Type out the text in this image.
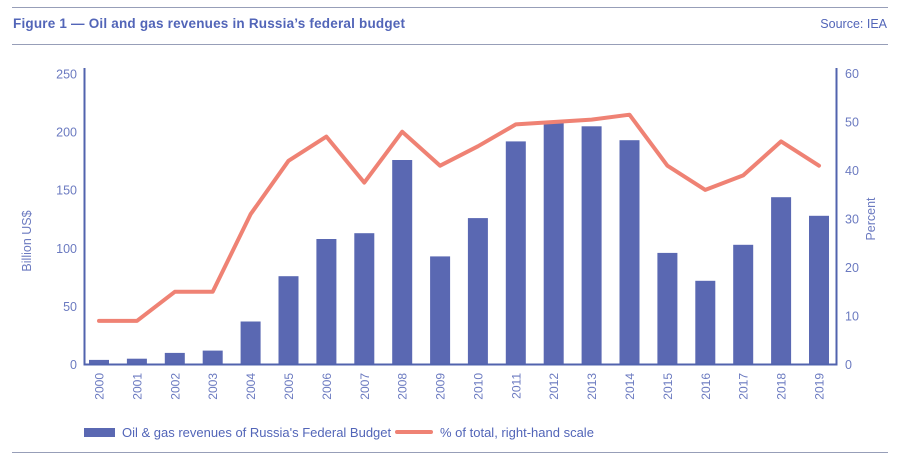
Figure 1 — Oil and gas revenues in Russia’s federal budget	Source: IEA
0
50
100
150
200
250
0
10
20
30
40
50
60
2000 2001 2002 2003 2004 2005 2006 2007 2008 2009 2010 2011 2012 2013 2014 2015 2016 2017 2018 2019
Billion US$	Percent
Oil & gas revenues of Russia's Federal Budget	% of total, right-hand scale
